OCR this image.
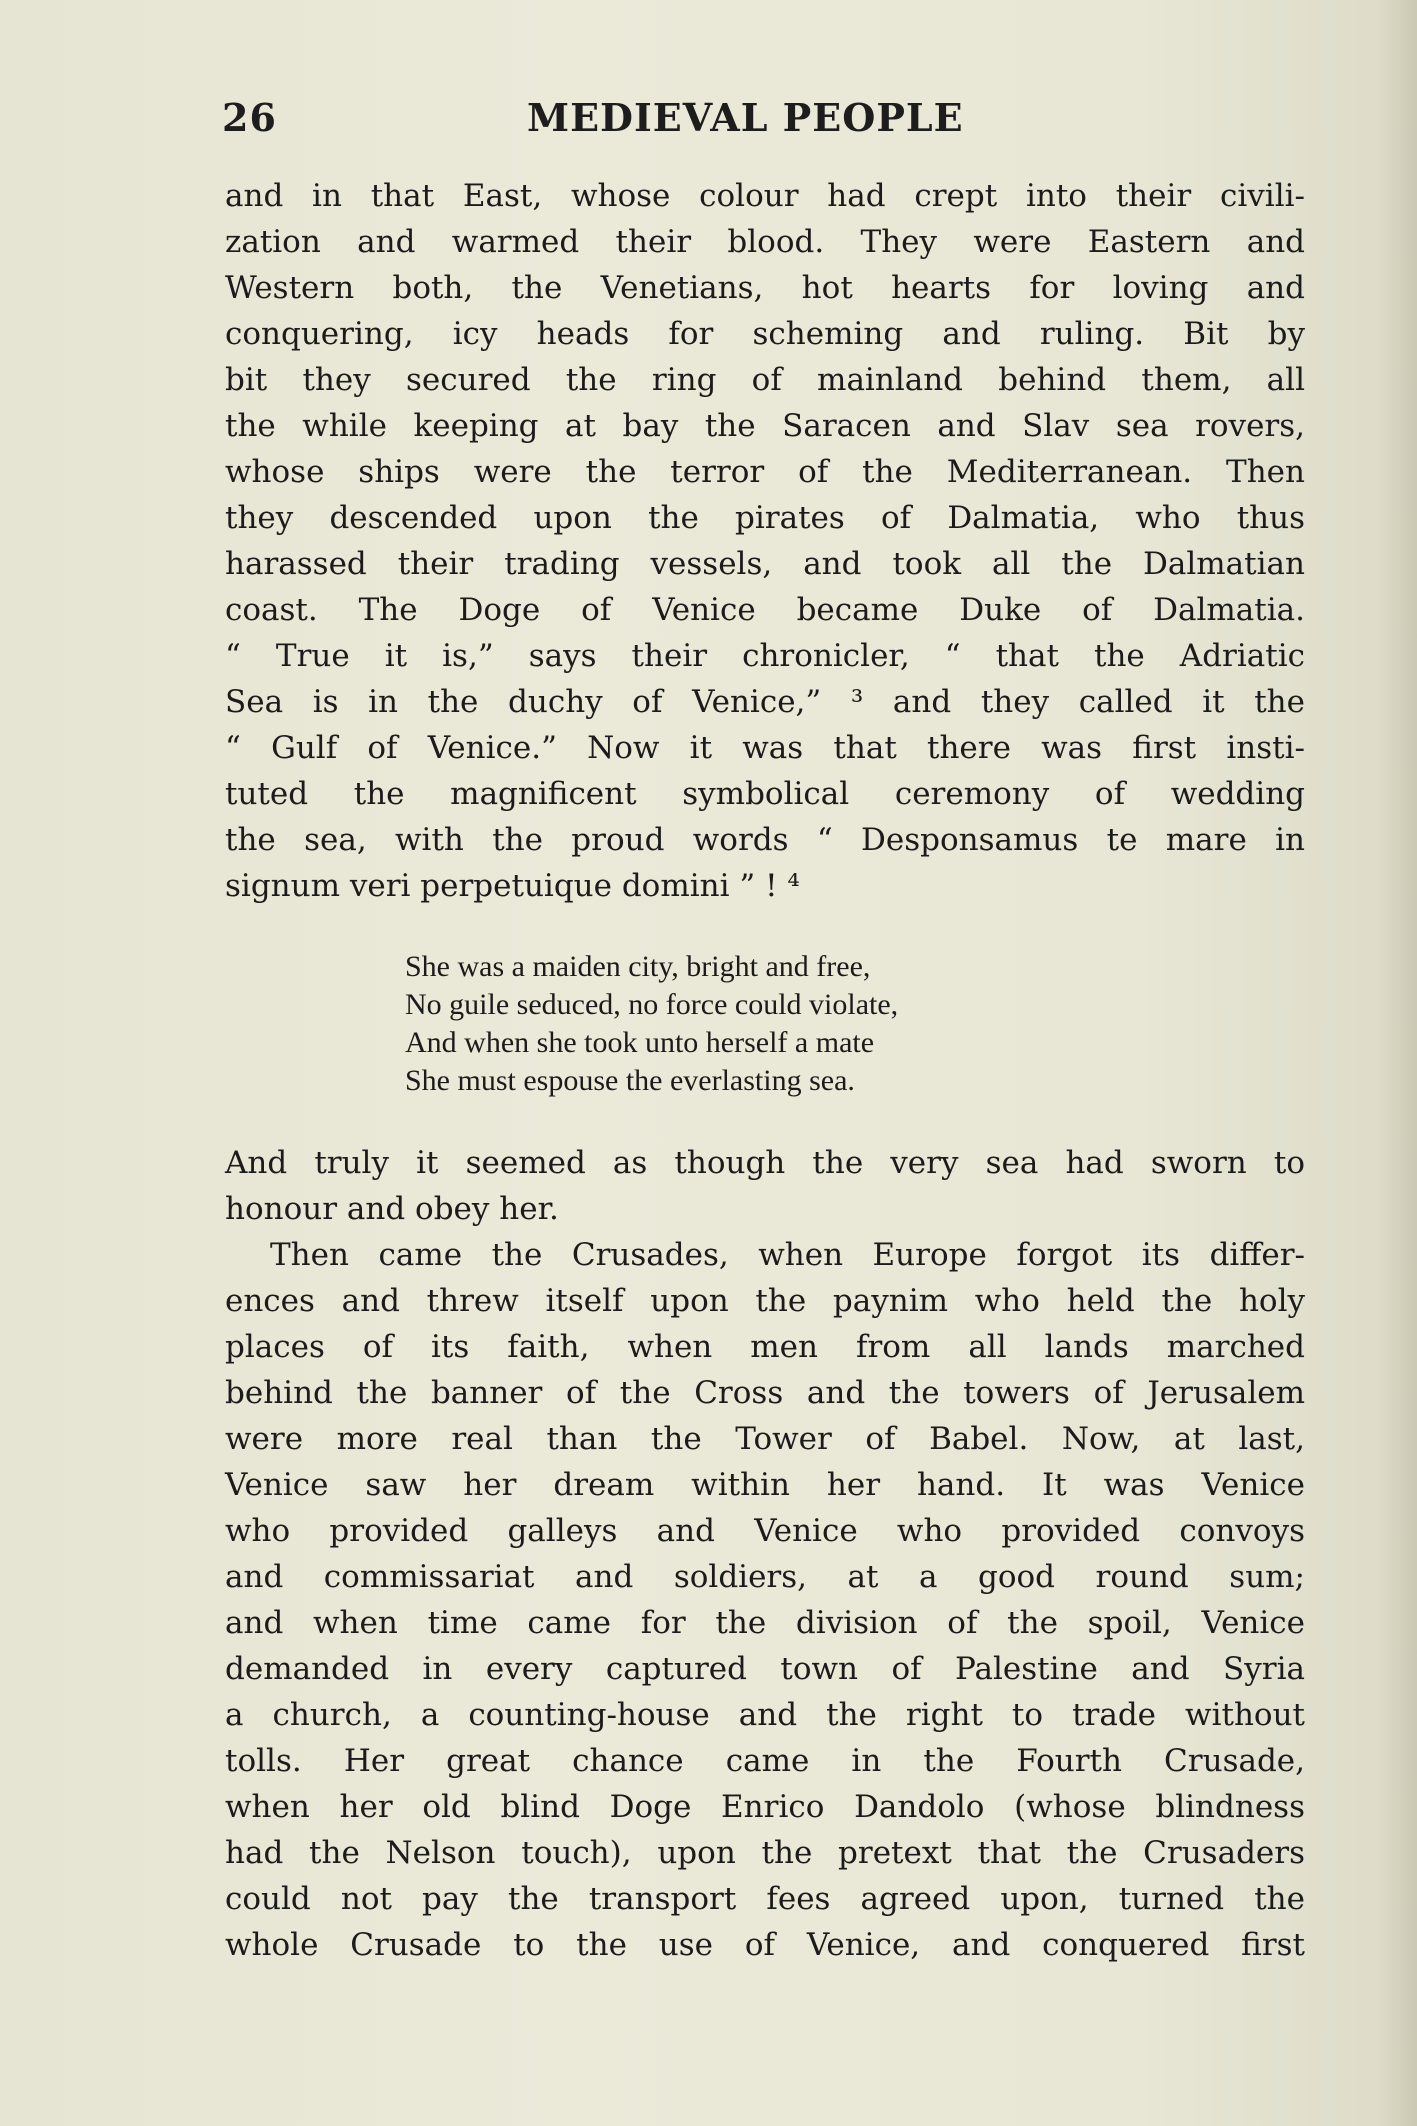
26	MEDIEVAL PEOPLE
and in that East, whose colour had crept into their civili-
zation and warmed their blood. They were Eastern and
Western both, the Venetians, hot hearts for loving and
conquering, icy heads for scheming and ruling. Bit by
bit they secured the ring of mainland behind them, all
the while keeping at bay the Saracen and Slav sea rovers,
whose ships were the terror of the Mediterranean. Then
they descended upon the pirates of Dalmatia, who thus
harassed their trading vessels, and took all the Dalmatian
coast. The Doge of Venice became Duke of Dalmatia.
“ True it is,” says their chronicler, “ that the Adriatic
Sea is in the duchy of Venice,” ³ and they called it the
“ Gulf of Venice.” Now it was that there was first insti-
tuted the magnificent symbolical ceremony of wedding
the sea, with the proud words “ Desponsamus te mare in
signum veri perpetuique domini ” ! ⁴
She was a maiden city, bright and free,
No guile seduced, no force could violate,
And when she took unto herself a mate
She must espouse the everlasting sea.
And truly it seemed as though the very sea had sworn to
honour and obey her.
Then came the Crusades, when Europe forgot its differ-
ences and threw itself upon the paynim who held the holy
places of its faith, when men from all lands marched
behind the banner of the Cross and the towers of Jerusalem
were more real than the Tower of Babel. Now, at last,
Venice saw her dream within her hand. It was Venice
who provided galleys and Venice who provided convoys
and commissariat and soldiers, at a good round sum;
and when time came for the division of the spoil, Venice
demanded in every captured town of Palestine and Syria
a church, a counting-house and the right to trade without
tolls. Her great chance came in the Fourth Crusade,
when her old blind Doge Enrico Dandolo (whose blindness
had the Nelson touch), upon the pretext that the Crusaders
could not pay the transport fees agreed upon, turned the
whole Crusade to the use of Venice, and conquered first
